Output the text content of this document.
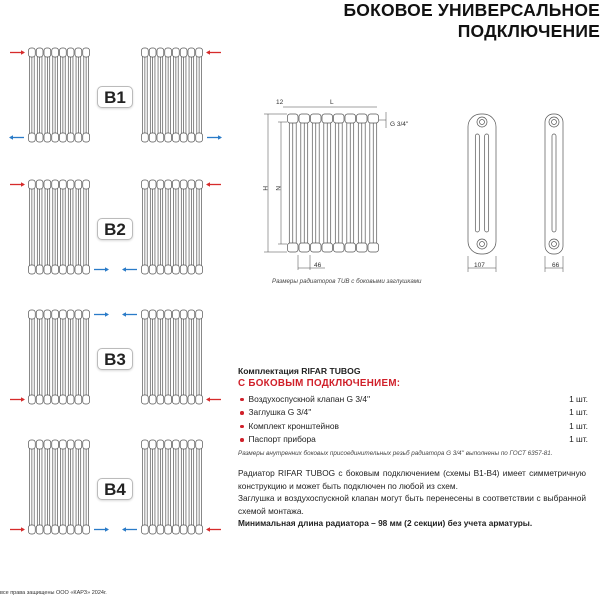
БОКОВОЕ УНИВЕРСАЛЬНОЕ
ПОДКЛЮЧЕНИЕ
B1
B2
B3
B4
12	L
G 3/4''
H N
46	107	66
Размеры радиаторов TUB с боковыми заглушками
Комплектация RIFAR TUBOG
С БОКОВЫМ ПОДКЛЮЧЕНИЕМ:
Воздухоспускной клапан G 3/4''	1 шт.
Заглушка G 3/4''	1 шт.
Комплект кронштейнов	1 шт.
Паспорт прибора	1 шт.
Размеры внутренних боковых присоединительных резьб радиатора G 3/4'' выполнены по ГОСТ 6357-81.
Радиатор RIFAR TUBOG с боковым подключением (схемы В1-В4) имеет симметричную конструкцию и может быть подключен по любой из схем.
Заглушка и воздухоспускной клапан могут быть перенесены в соответствии с выбранной схемой монтажа.
Минимальная длина радиатора – 98 мм (2 секции) без учета арматуры.
все права защищены ООО «КАРЗ» 2024г.
